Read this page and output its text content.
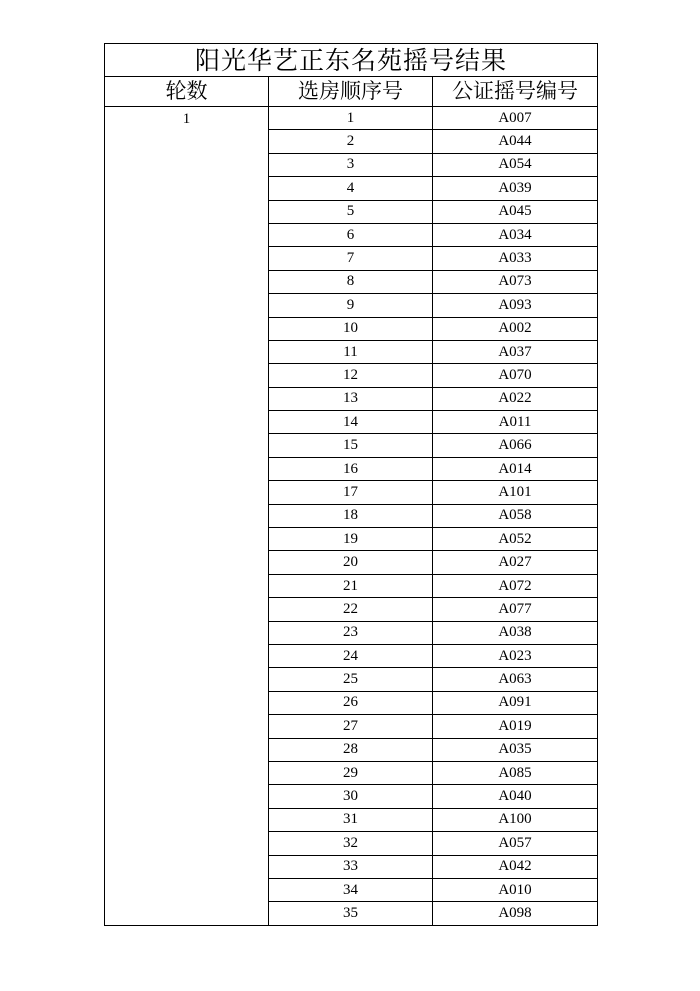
阳光华艺正东名苑摇号结果		
轮数	选房顺序号	公证摇号编号
1	1	A007
	2	A044
	3	A054
	4	A039
	5	A045
	6	A034
	7	A033
	8	A073
	9	A093
	10	A002
	11	A037
	12	A070
	13	A022
	14	A011
	15	A066
	16	A014
	17	A101
	18	A058
	19	A052
	20	A027
	21	A072
	22	A077
	23	A038
	24	A023
	25	A063
	26	A091
	27	A019
	28	A035
	29	A085
	30	A040
	31	A100
	32	A057
	33	A042
	34	A010
	35	A098
